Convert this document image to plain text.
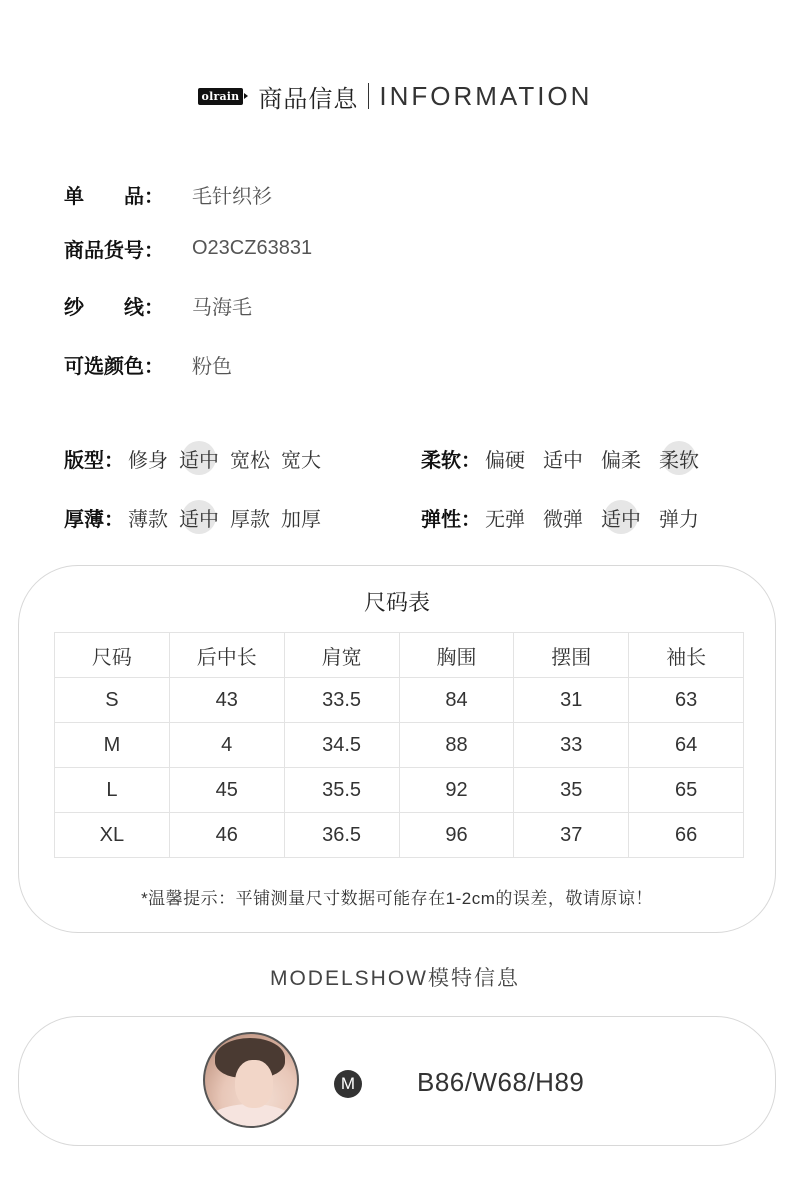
olrain 商品信息 INFORMATION
单 品： 毛针织衫
商品货号：	O23CZ63831
纱 线： 马海毛
可选颜色：	粉色
版型： 修身 适中 宽松 宽大	柔软： 偏硬 适中 偏柔 柔软
厚薄： 薄款 适中 厚款 加厚	弹性： 无弹 微弹 适中 弹力
尺码表
尺码	后中长	肩宽	胸围	摆围	袖长
S	43	33.5	84	31	63
M	4	34.5	88	33	64
L	45	35.5	92	35	65
XL	46	36.5	96	37	66
*温馨提示：平铺测量尺寸数据可能存在1-2cm的误差，敬请原谅！
MODELSHOW模特信息
M B86/W68/H89
